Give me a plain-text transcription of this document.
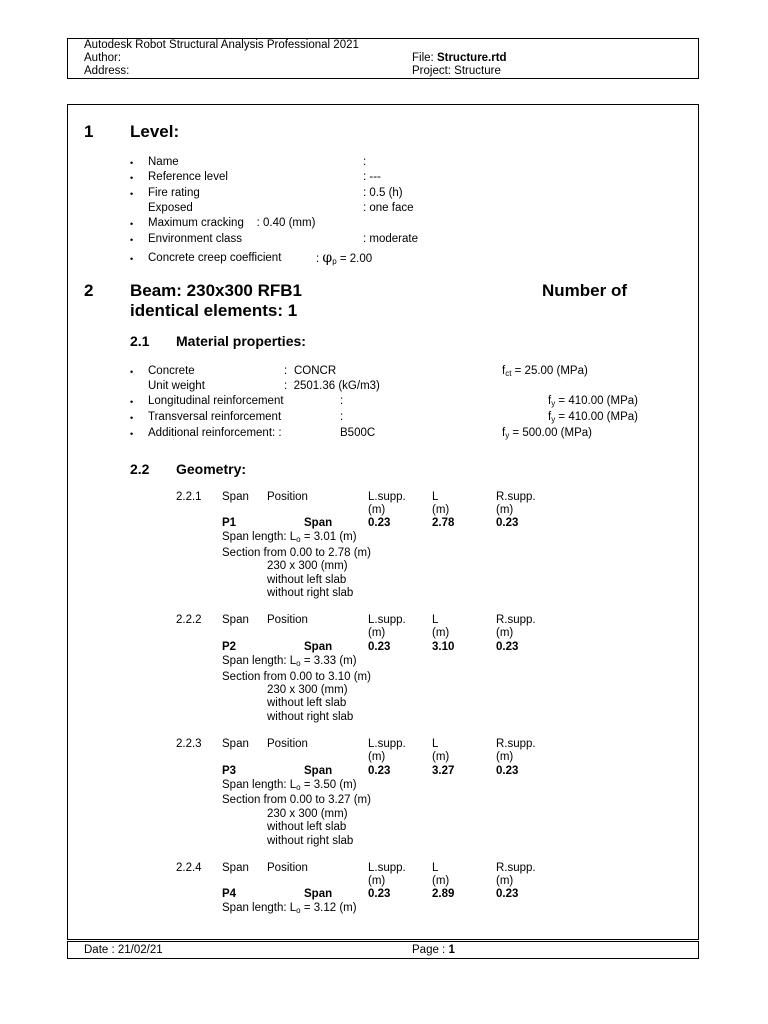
Autodesk Robot Structural Analysis Professional 2021
Author:
Address:
File: Structure.rtd
Project: Structure
1 Level:
• Name	:
• Reference level	: ---
• Fire rating	: 0.5 (h)
Exposed	: one face
• Maximum cracking    : 0.40 (mm)
• Environment class	: moderate
• Concrete creep coefficient	: $\varphi_p = 2.00$
2 Beam: 230x300 RFB1	Number of
identical elements: 1
2.1 Material properties:
• Concrete	: CONCR	$f_{ct} = 25.00$ (MPa)
Unit weight	:  2501.36 (kG/m3)
• Longitudinal reinforcement	:	$f_y = 410.00$ (MPa)
• Transversal reinforcement	:	$f_y = 410.00$ (MPa)
• Additional reinforcement: :	B500C	$f_y = 500.00$ (MPa)
2.2 Geometry:
2.2.1 Span Position	L.supp. L	R.supp.
(m)	(m)	(m)
P1	Span	0.23	2.78	0.23
Span length: $L_o = 3.01$ (m)
Section from 0.00 to 2.78 (m)
230 x 300 (mm)
without left slab
without right slab
2.2.2 Span Position	L.supp. L	R.supp.
(m)	(m)	(m)
P2	Span	0.23	3.10	0.23
Span length: $L_o = 3.33$ (m)
Section from 0.00 to 3.10 (m)
230 x 300 (mm)
without left slab
without right slab
2.2.3 Span Position	L.supp. L	R.supp.
(m)	(m)	(m)
P3	Span	0.23	3.27	0.23
Span length: $L_o = 3.50$ (m)
Section from 0.00 to 3.27 (m)
230 x 300 (mm)
without left slab
without right slab
2.2.4 Span Position	L.supp. L	R.supp.
(m)	(m)	(m)
P4	Span	0.23	2.89	0.23
Span length: $L_o = 3.12$ (m)
Date : 21/02/21	Page : 1
